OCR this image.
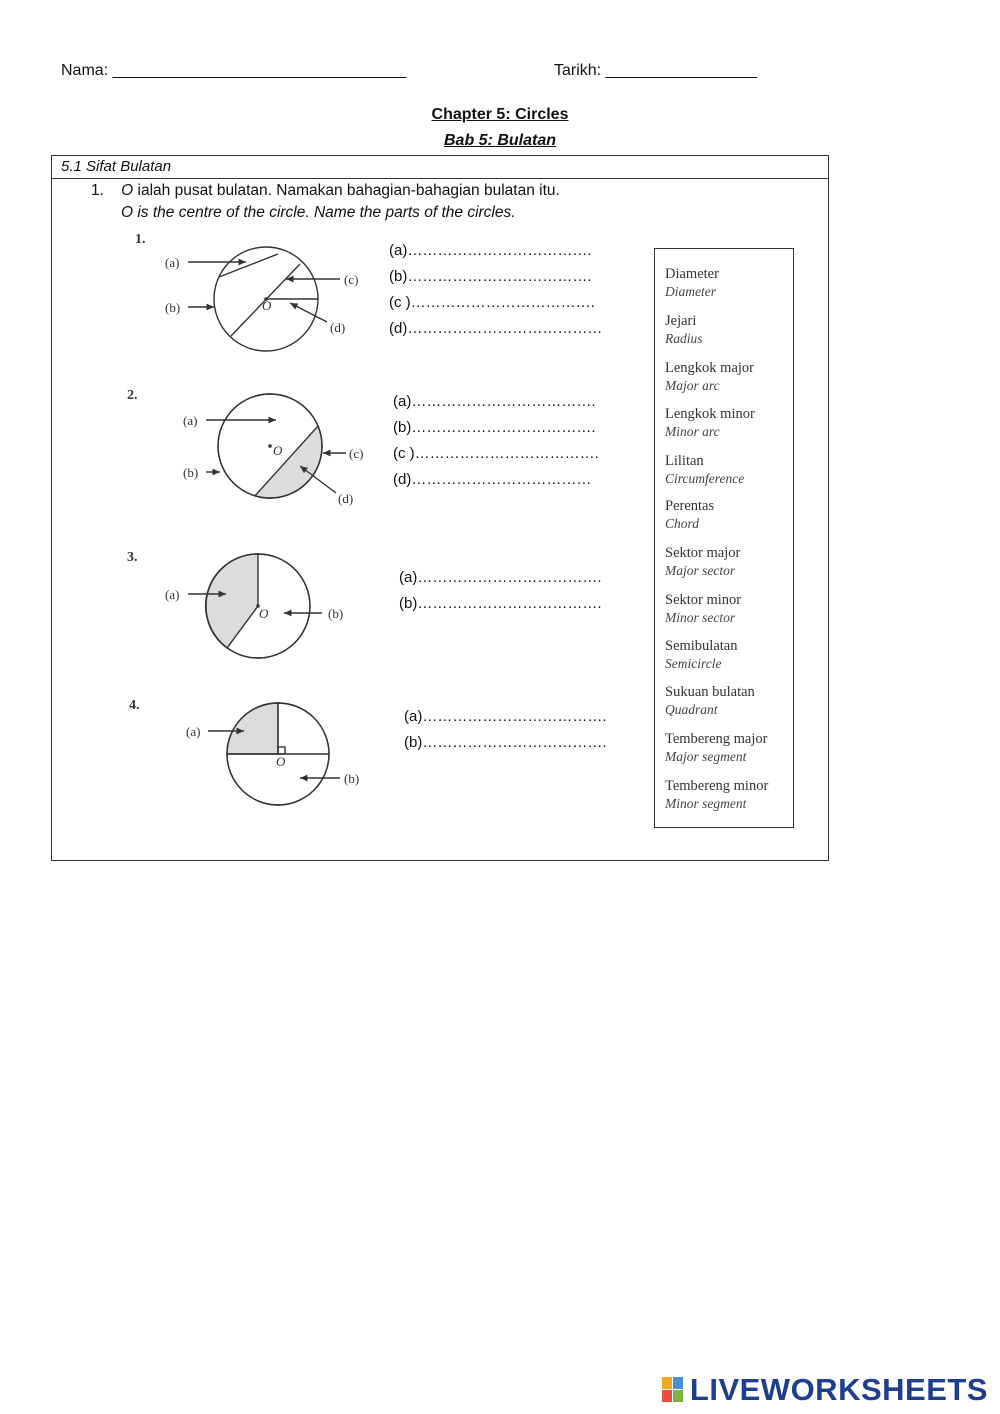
Nama: _________________________________	Tarikh: _________________
Chapter 5: Circles
Bab 5: Bulatan
5.1 Sifat Bulatan
1. O ialah pusat bulatan. Namakan bahagian-bahagian bulatan itu.
O is the centre of the circle. Name the parts of the circles.
1.
(a)
(b)
(c)
(d)
O
2.
(a)
(b)
(c)
(d)
O
3.
(a)
(b)
O
4.
(a)
(b)
O
(a)……………………………….
(b)……………………………….
(c )……………………………….
(d)…………………………………
(a)……………………………….
(b)……………………………….
(c )……………………………….
(d)………………………………
(a)……………………………….
(b)……………………………….
(a)……………………………….
(b)……………………………….
Diameter
Diameter
Jejari
Radius
Lengkok major
Major arc
Lengkok minor
Minor arc
Lilitan
Circumference
Perentas
Chord
Sektor major
Major sector
Sektor minor
Minor sector
Semibulatan
Semicircle
Sukuan bulatan
Quadrant
Tembereng major
Major segment
Tembereng minor
Minor segment
LIVEWORKSHEETS
